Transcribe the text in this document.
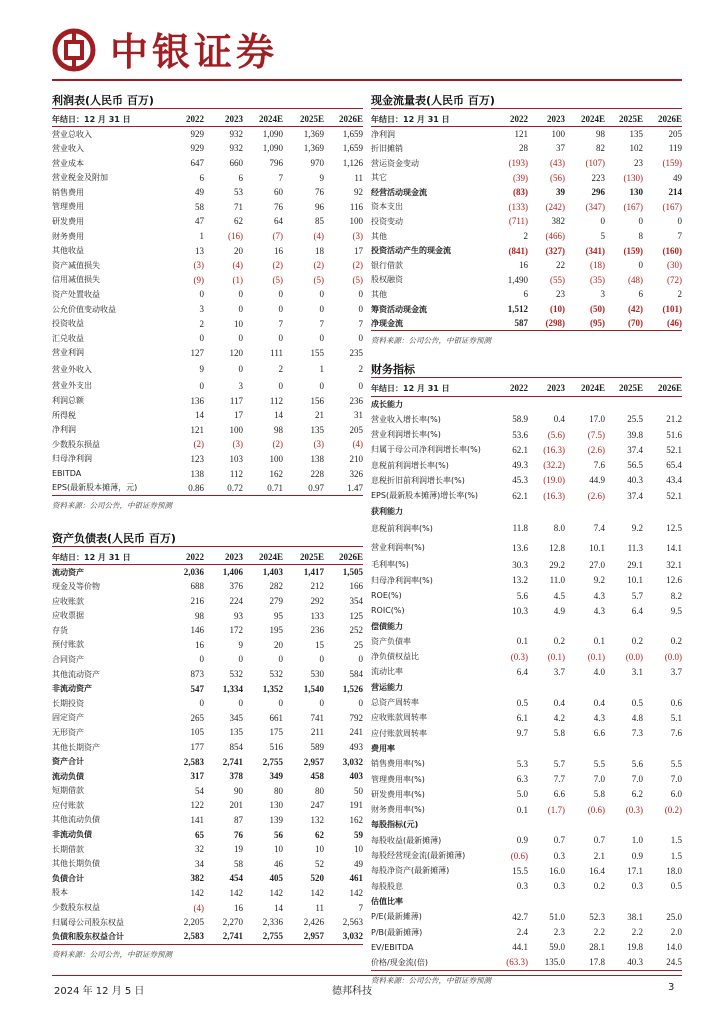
中银证券
利润表(人民币 百万)
年结日：12 月 31 日	2022	2023	2024E	2025E	2026E
营业总收入	929	932	1,090	1,369	1,659
营业收入	929	932	1,090	1,369	1,659
营业成本	647	660	796	970	1,126
营业税金及附加	6	6	7	9	11
销售费用	49	53	60	76	92
管理费用	58	71	76	96	116
研发费用	47	62	64	85	100
财务费用	1	(16)	(7)	(4)	(3)
其他收益	13	20	16	18	17
资产减值损失	(3)	(4)	(2)	(2)	(2)
信用减值损失	(9)	(1)	(5)	(5)	(5)
资产处置收益	0	0	0	0	0
公允价值变动收益	3	0	0	0	0
投资收益	2	10	7	7	7
汇兑收益	0	0	0	0	0
营业利润	127	120	111	155	235
营业外收入	9	0	2	1	2
营业外支出	0	3	0	0	0
利润总额	136	117	112	156	236
所得税	14	17	14	21	31
净利润	121	100	98	135	205
少数股东损益	(2)	(3)	(2)	(3)	(4)
归母净利润	123	103	100	138	210
EBITDA	138	112	162	228	326
EPS(最新股本摊薄，元)	0.86	0.72	0.71	0.97	1.47
资料来源：公司公告，中银证券预测
资产负债表(人民币 百万)
年结日：12 月 31 日	2022	2023	2024E	2025E	2026E
流动资产	2,036	1,406	1,403	1,417	1,505
现金及等价物	688	376	282	212	166
应收账款	216	224	279	292	354
应收票据	98	93	95	133	125
存货	146	172	195	236	252
预付账款	16	9	20	15	25
合同资产	0	0	0	0	0
其他流动资产	873	532	532	530	584
非流动资产	547	1,334	1,352	1,540	1,526
长期投资	0	0	0	0	0
固定资产	265	345	661	741	792
无形资产	105	135	175	211	241
其他长期资产	177	854	516	589	493
资产合计	2,583	2,741	2,755	2,957	3,032
流动负债	317	378	349	458	403
短期借款	54	90	80	80	50
应付账款	122	201	130	247	191
其他流动负债	141	87	139	132	162
非流动负债	65	76	56	62	59
长期借款	32	19	10	10	10
其他长期负债	34	58	46	52	49
负债合计	382	454	405	520	461
股本	142	142	142	142	142
少数股东权益	(4)	16	14	11	7
归属母公司股东权益	2,205	2,270	2,336	2,426	2,563
负债和股东权益合计	2,583	2,741	2,755	2,957	3,032
资料来源：公司公告，中银证券预测
现金流量表(人民币 百万)
年结日：12 月 31 日	2022	2023	2024E	2025E	2026E
净利润	121	100	98	135	205
折旧摊销	28	37	82	102	119
营运资金变动	(193)	(43)	(107)	23	(159)
其它	(39)	(56)	223	(130)	49
经营活动现金流	(83)	39	296	130	214
资本支出	(133)	(242)	(347)	(167)	(167)
投资变动	(711)	382	0	0	0
其他	2	(466)	5	8	7
投资活动产生的现金流	(841)	(327)	(341)	(159)	(160)
银行借款	16	22	(18)	0	(30)
股权融资	1,490	(55)	(35)	(48)	(72)
其他	6	23	3	6	2
筹资活动现金流	1,512	(10)	(50)	(42)	(101)
净现金流	587	(298)	(95)	(70)	(46)
资料来源：公司公告，中银证券预测
财务指标
年结日：12 月 31 日	2022	2023	2024E	2025E	2026E
成长能力					
营业收入增长率(%)	58.9	0.4	17.0	25.5	21.2
营业利润增长率(%)	53.6	(5.6)	(7.5)	39.8	51.6
归属于母公司净利润增长率(%)	62.1	(16.3)	(2.6)	37.4	52.1
息税前利润增长率(%)	49.3	(32.2)	7.6	56.5	65.4
息税折旧前利润增长率(%)	45.3	(19.0)	44.9	40.3	43.4
EPS(最新股本摊薄)增长率(%)	62.1	(16.3)	(2.6)	37.4	52.1
获利能力					
息税前利润率(%)	11.8	8.0	7.4	9.2	12.5
营业利润率(%)	13.6	12.8	10.1	11.3	14.1
毛利率(%)	30.3	29.2	27.0	29.1	32.1
归母净利润率(%)	13.2	11.0	9.2	10.1	12.6
ROE(%)	5.6	4.5	4.3	5.7	8.2
ROIC(%)	10.3	4.9	4.3	6.4	9.5
偿债能力					
资产负债率	0.1	0.2	0.1	0.2	0.2
净负债权益比	(0.3)	(0.1)	(0.1)	(0.0)	(0.0)
流动比率	6.4	3.7	4.0	3.1	3.7
营运能力					
总资产周转率	0.5	0.4	0.4	0.5	0.6
应收账款周转率	6.1	4.2	4.3	4.8	5.1
应付账款周转率	9.7	5.8	6.6	7.3	7.6
费用率					
销售费用率(%)	5.3	5.7	5.5	5.6	5.5
管理费用率(%)	6.3	7.7	7.0	7.0	7.0
研发费用率(%)	5.0	6.6	5.8	6.2	6.0
财务费用率(%)	0.1	(1.7)	(0.6)	(0.3)	(0.2)
每股指标(元)					
每股收益(最新摊薄)	0.9	0.7	0.7	1.0	1.5
每股经营现金流(最新摊薄)	(0.6)	0.3	2.1	0.9	1.5
每股净资产(最新摊薄)	15.5	16.0	16.4	17.1	18.0
每股股息	0.3	0.3	0.2	0.3	0.5
估值比率					
P/E(最新摊薄)	42.7	51.0	52.3	38.1	25.0
P/B(最新摊薄)	2.4	2.3	2.2	2.2	2.0
EV/EBITDA	44.1	59.0	28.1	19.8	14.0
价格/现金流(倍)	(63.3)	135.0	17.8	40.3	24.5
资料来源：公司公告，中银证券预测
2024 年 12 月 5 日	德邦科技	3
